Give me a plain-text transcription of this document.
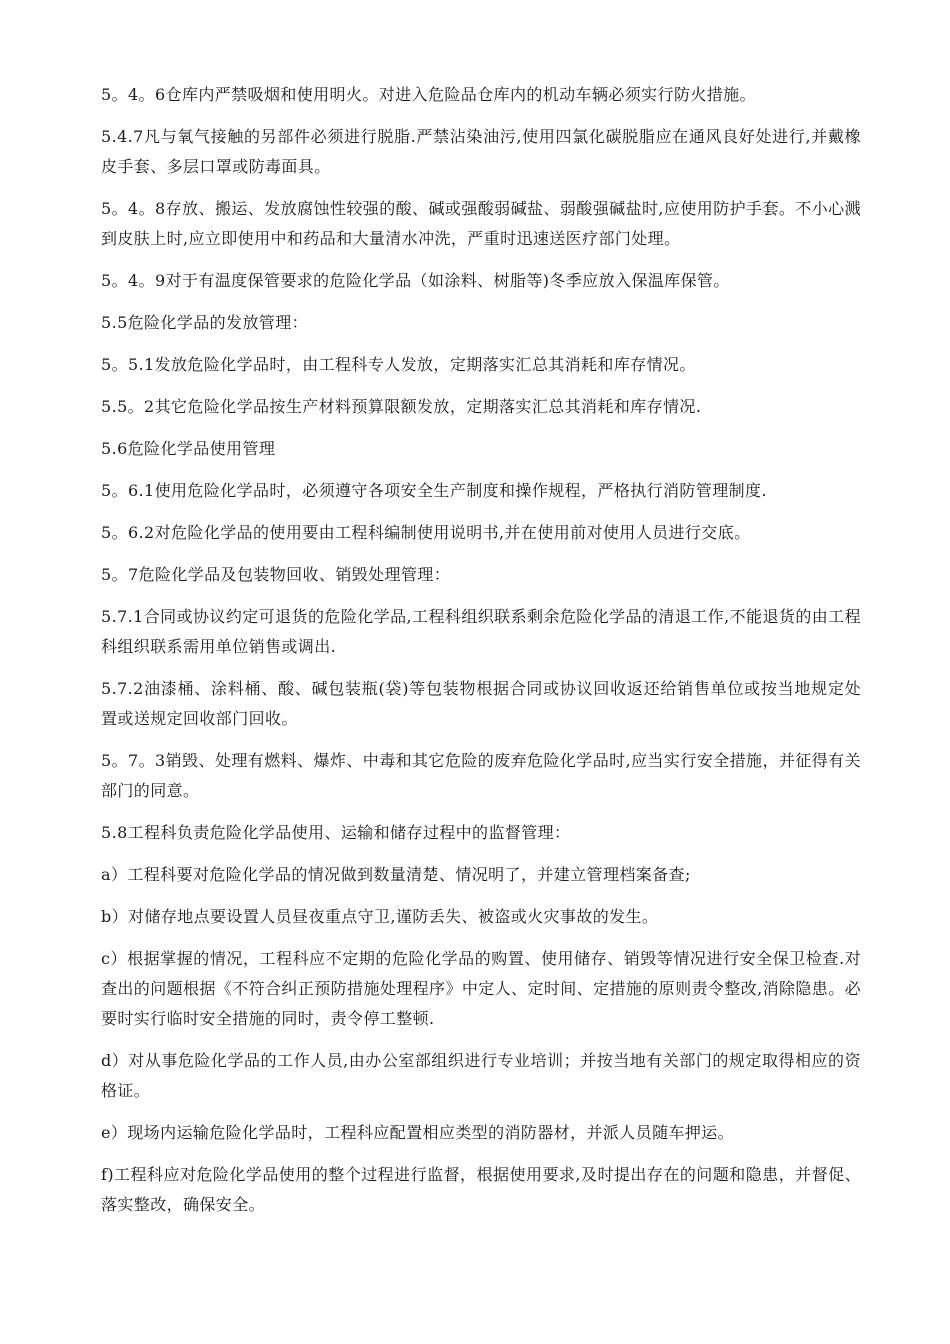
5。4。6仓库内严禁吸烟和使用明火。对进入危险品仓库内的机动车辆必须实行防火措施。

5.4.7凡与氧气接触的另部件必须进行脱脂.严禁沾染油污,使用四氯化碳脱脂应在通风良好处进行,并戴橡皮手套、多层口罩或防毒面具。

5。4。8存放、搬运、发放腐蚀性较强的酸、碱或强酸弱碱盐、弱酸强碱盐时,应使用防护手套。不小心溅到皮肤上时,应立即使用中和药品和大量清水冲洗，严重时迅速送医疗部门处理。

5。4。9对于有温度保管要求的危险化学品（如涂料、树脂等)冬季应放入保温库保管。

5.5危险化学品的发放管理：

5。5.1发放危险化学品时，由工程科专人发放，定期落实汇总其消耗和库存情况。

5.5。2其它危险化学品按生产材料预算限额发放，定期落实汇总其消耗和库存情况.

5.6危险化学品使用管理

5。6.1使用危险化学品时，必须遵守各项安全生产制度和操作规程，严格执行消防管理制度.

5。6.2对危险化学品的使用要由工程科编制使用说明书,并在使用前对使用人员进行交底。

5。7危险化学品及包装物回收、销毁处理管理：

5.7.1合同或协议约定可退货的危险化学品,工程科组织联系剩余危险化学品的清退工作,不能退货的由工程科组织联系需用单位销售或调出.

5.7.2油漆桶、涂料桶、酸、碱包装瓶(袋)等包装物根据合同或协议回收返还给销售单位或按当地规定处置或送规定回收部门回收。

5。7。3销毁、处理有燃料、爆炸、中毒和其它危险的废弃危险化学品时,应当实行安全措施，并征得有关部门的同意。

5.8工程科负责危险化学品使用、运输和储存过程中的监督管理：

a）工程科要对危险化学品的情况做到数量清楚、情况明了，并建立管理档案备查;

b）对储存地点要设置人员昼夜重点守卫,谨防丢失、被盗或火灾事故的发生。

c）根据掌握的情况，工程科应不定期的危险化学品的购置、使用储存、销毁等情况进行安全保卫检查.对查出的问题根据《不符合纠正预防措施处理程序》中定人、定时间、定措施的原则责令整改,消除隐患。必要时实行临时安全措施的同时，责令停工整顿.

d）对从事危险化学品的工作人员,由办公室部组织进行专业培训；并按当地有关部门的规定取得相应的资格证。

e）现场内运输危险化学品时，工程科应配置相应类型的消防器材，并派人员随车押运。

f)工程科应对危险化学品使用的整个过程进行监督，根据使用要求,及时提出存在的问题和隐患，并督促、落实整改，确保安全。
